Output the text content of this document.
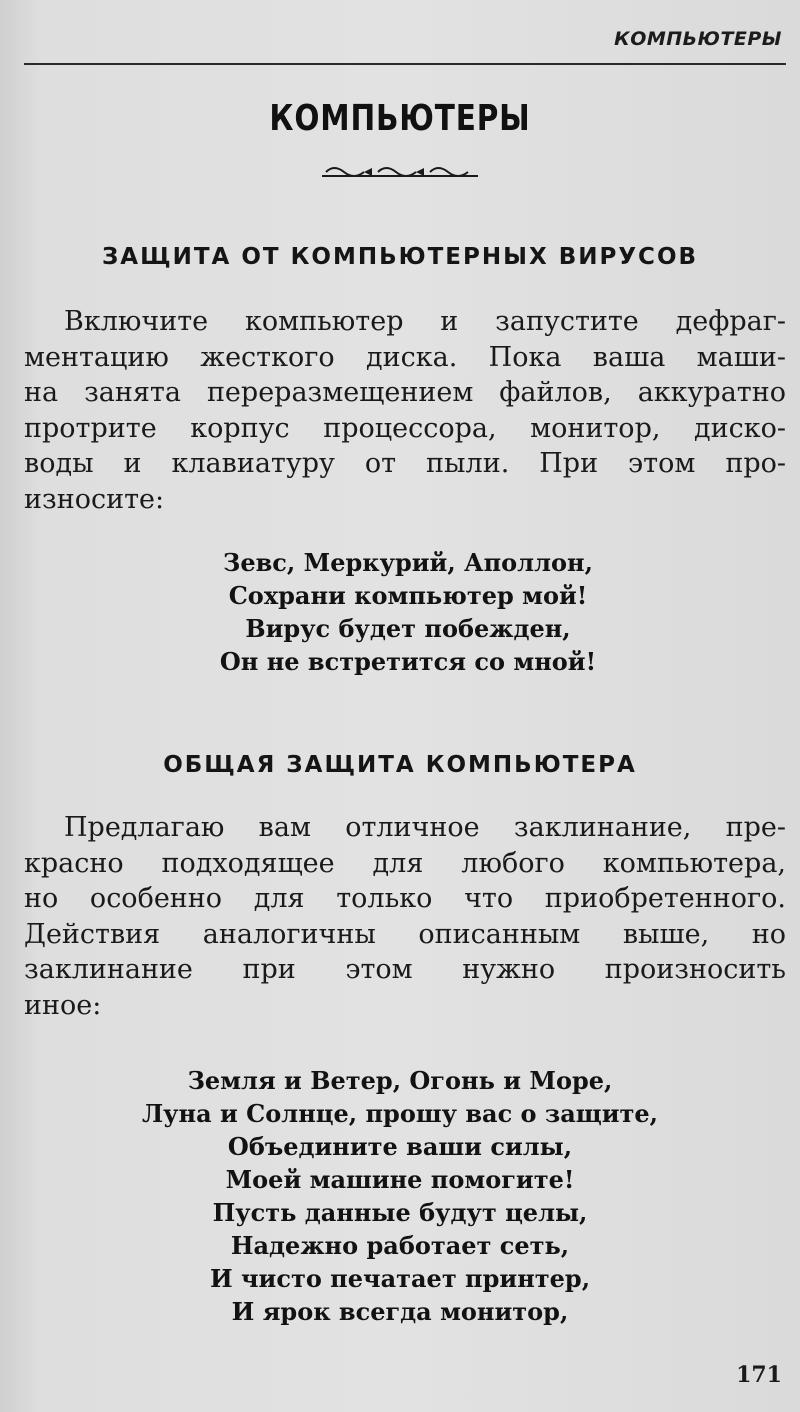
КОМПЬЮТЕРЫ
КОМПЬЮТЕРЫ
ЗАЩИТА ОТ КОМПЬЮТЕРНЫХ ВИРУСОВ
Включите компьютер и запустите дефраг-
ментацию жесткого диска. Пока ваша маши-
на занята переразмещением файлов, аккуратно
протрите корпус процессора, монитор, диско-
воды и клавиатуру от пыли. При этом про-
износите:
Зевс, Меркурий, Аполлон,
Сохрани компьютер мой!
Вирус будет побежден,
Он не встретится со мной!
ОБЩАЯ ЗАЩИТА КОМПЬЮТЕРА
Предлагаю вам отличное заклинание, пре-
красно подходящее для любого компьютера,
но особенно для только что приобретенного.
Действия аналогичны описанным выше, но
заклинание при этом нужно произносить
иное:
Земля и Ветер, Огонь и Море,
Луна и Солнце, прошу вас о защите,
Объедините ваши силы,
Моей машине помогите!
Пусть данные будут целы,
Надежно работает сеть,
И чисто печатает принтер,
И ярок всегда монитор,
171
